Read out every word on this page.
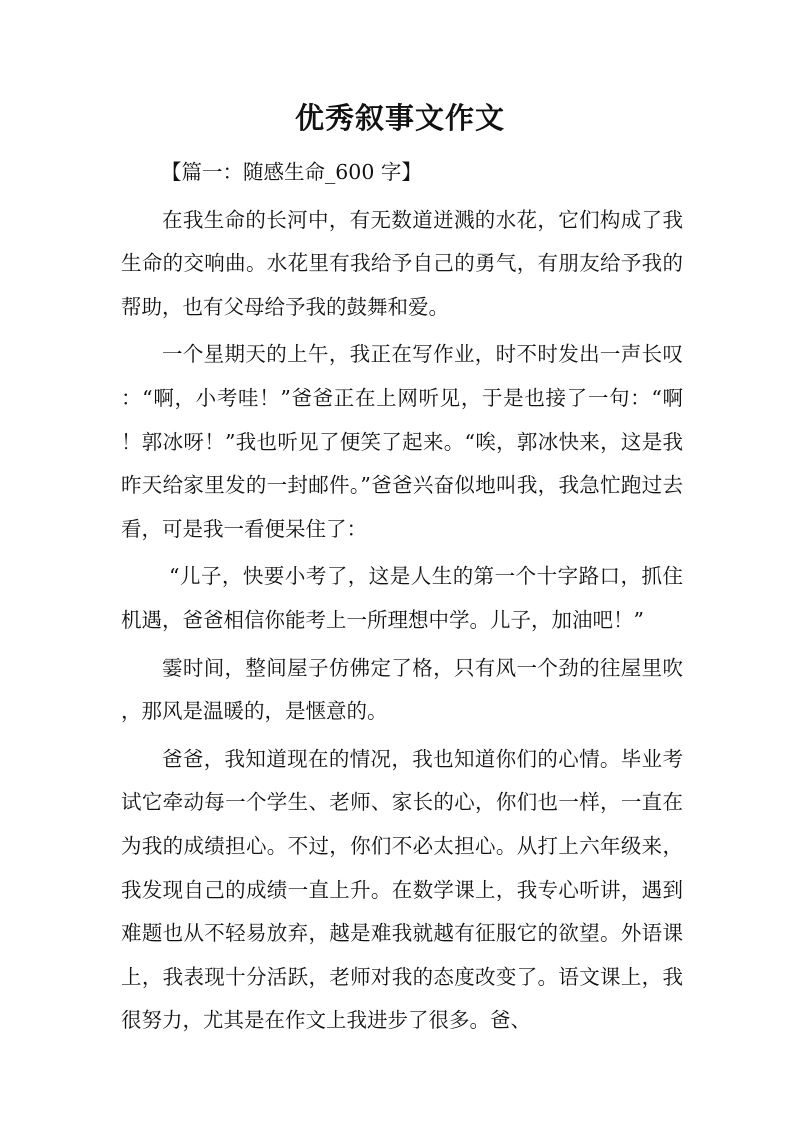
优秀叙事文作文

【篇一：随感生命_600 字】

在我生命的长河中，有无数道迸溅的水花，它们构成了我生命的交响曲。水花里有我给予自己的勇气，有朋友给予我的帮助，也有父母给予我的鼓舞和爱。

一个星期天的上午，我正在写作业，时不时发出一声长叹：“啊，小考哇！”爸爸正在上网听见，于是也接了一句：“啊！郭冰呀！”我也听见了便笑了起来。“唉，郭冰快来，这是我昨天给家里发的一封邮件。”爸爸兴奋似地叫我，我急忙跑过去看，可是我一看便呆住了：

“儿子，快要小考了，这是人生的第一个十字路口，抓住机遇，爸爸相信你能考上一所理想中学。儿子，加油吧！”

霎时间，整间屋子仿佛定了格，只有风一个劲的往屋里吹，那风是温暖的，是惬意的。

爸爸，我知道现在的情况，我也知道你们的心情。毕业考试它牵动每一个学生、老师、家长的心，你们也一样，一直在为我的成绩担心。不过，你们不必太担心。从打上六年级来，我发现自己的成绩一直上升。在数学课上，我专心听讲，遇到难题也从不轻易放弃，越是难我就越有征服它的欲望。外语课上，我表现十分活跃，老师对我的态度改变了。语文课上，我很努力，尤其是在作文上我进步了很多。爸、
